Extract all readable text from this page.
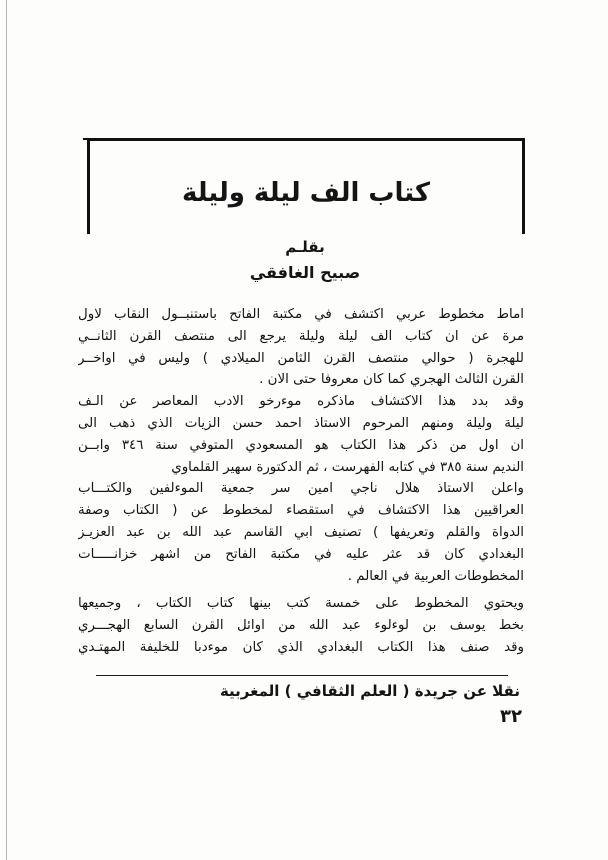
كتاب الف ليلة وليلة
بقلـم
صبيح الغافقي
اماط مخطوط عربي اكتشف في مكتبة الفاتح باستنبــول النقاب لاول
مرة عن ان كتاب الف ليلة وليلة يرجع الى منتصف القرن الثانــي
للهجرة ( حوالي منتصف القرن الثامن الميلادي ) وليس في اواخــر
القرن الثالث الهجري كما كان معروفا حتى الان .
وقد بدد هذا الاكتشاف ماذكره موءرخو الادب المعاصر عن الـف
ليلة وليلة ومنهم المرحوم الاستاذ احمد حسن الزيات الذي ذهب الى
ان اول من ذكر هذا الكتاب هو المسعودي المتوفي سنة ٣٤٦ وابــن
النديم سنة ٣٨٥ في كتابه الفهرست ، ثم الدكتورة سهير القلماوي
واعلن الاستاذ هلال ناجي امين سر جمعية الموءلفين والكتـــاب
العراقيين هذا الاكتشاف في استقصاء لمخطوط عن ( الكتاب وصفة
الدواة والقلم وتعريفها ) تصنيف ابي القاسم عبد الله بن عبد العزيـز
البغدادي كان قد عثر عليه في مكتبة الفاتح من اشهر خزانـــــات
المخطوطات العربية في العالم .
ويحتوي المخطوط على خمسة كتب بينها كتاب الكتاب ، وجميعها
بخط يوسف بن لوءلوء عبد الله من اوائل القرن السابع الهجـــري
وقد صنف هذا الكتاب البغدادي الذي كان موءدبا للخليفة المهتـدي
نقلا عن جريدة ( العلم الثقافي ) المغربية
٣٢
